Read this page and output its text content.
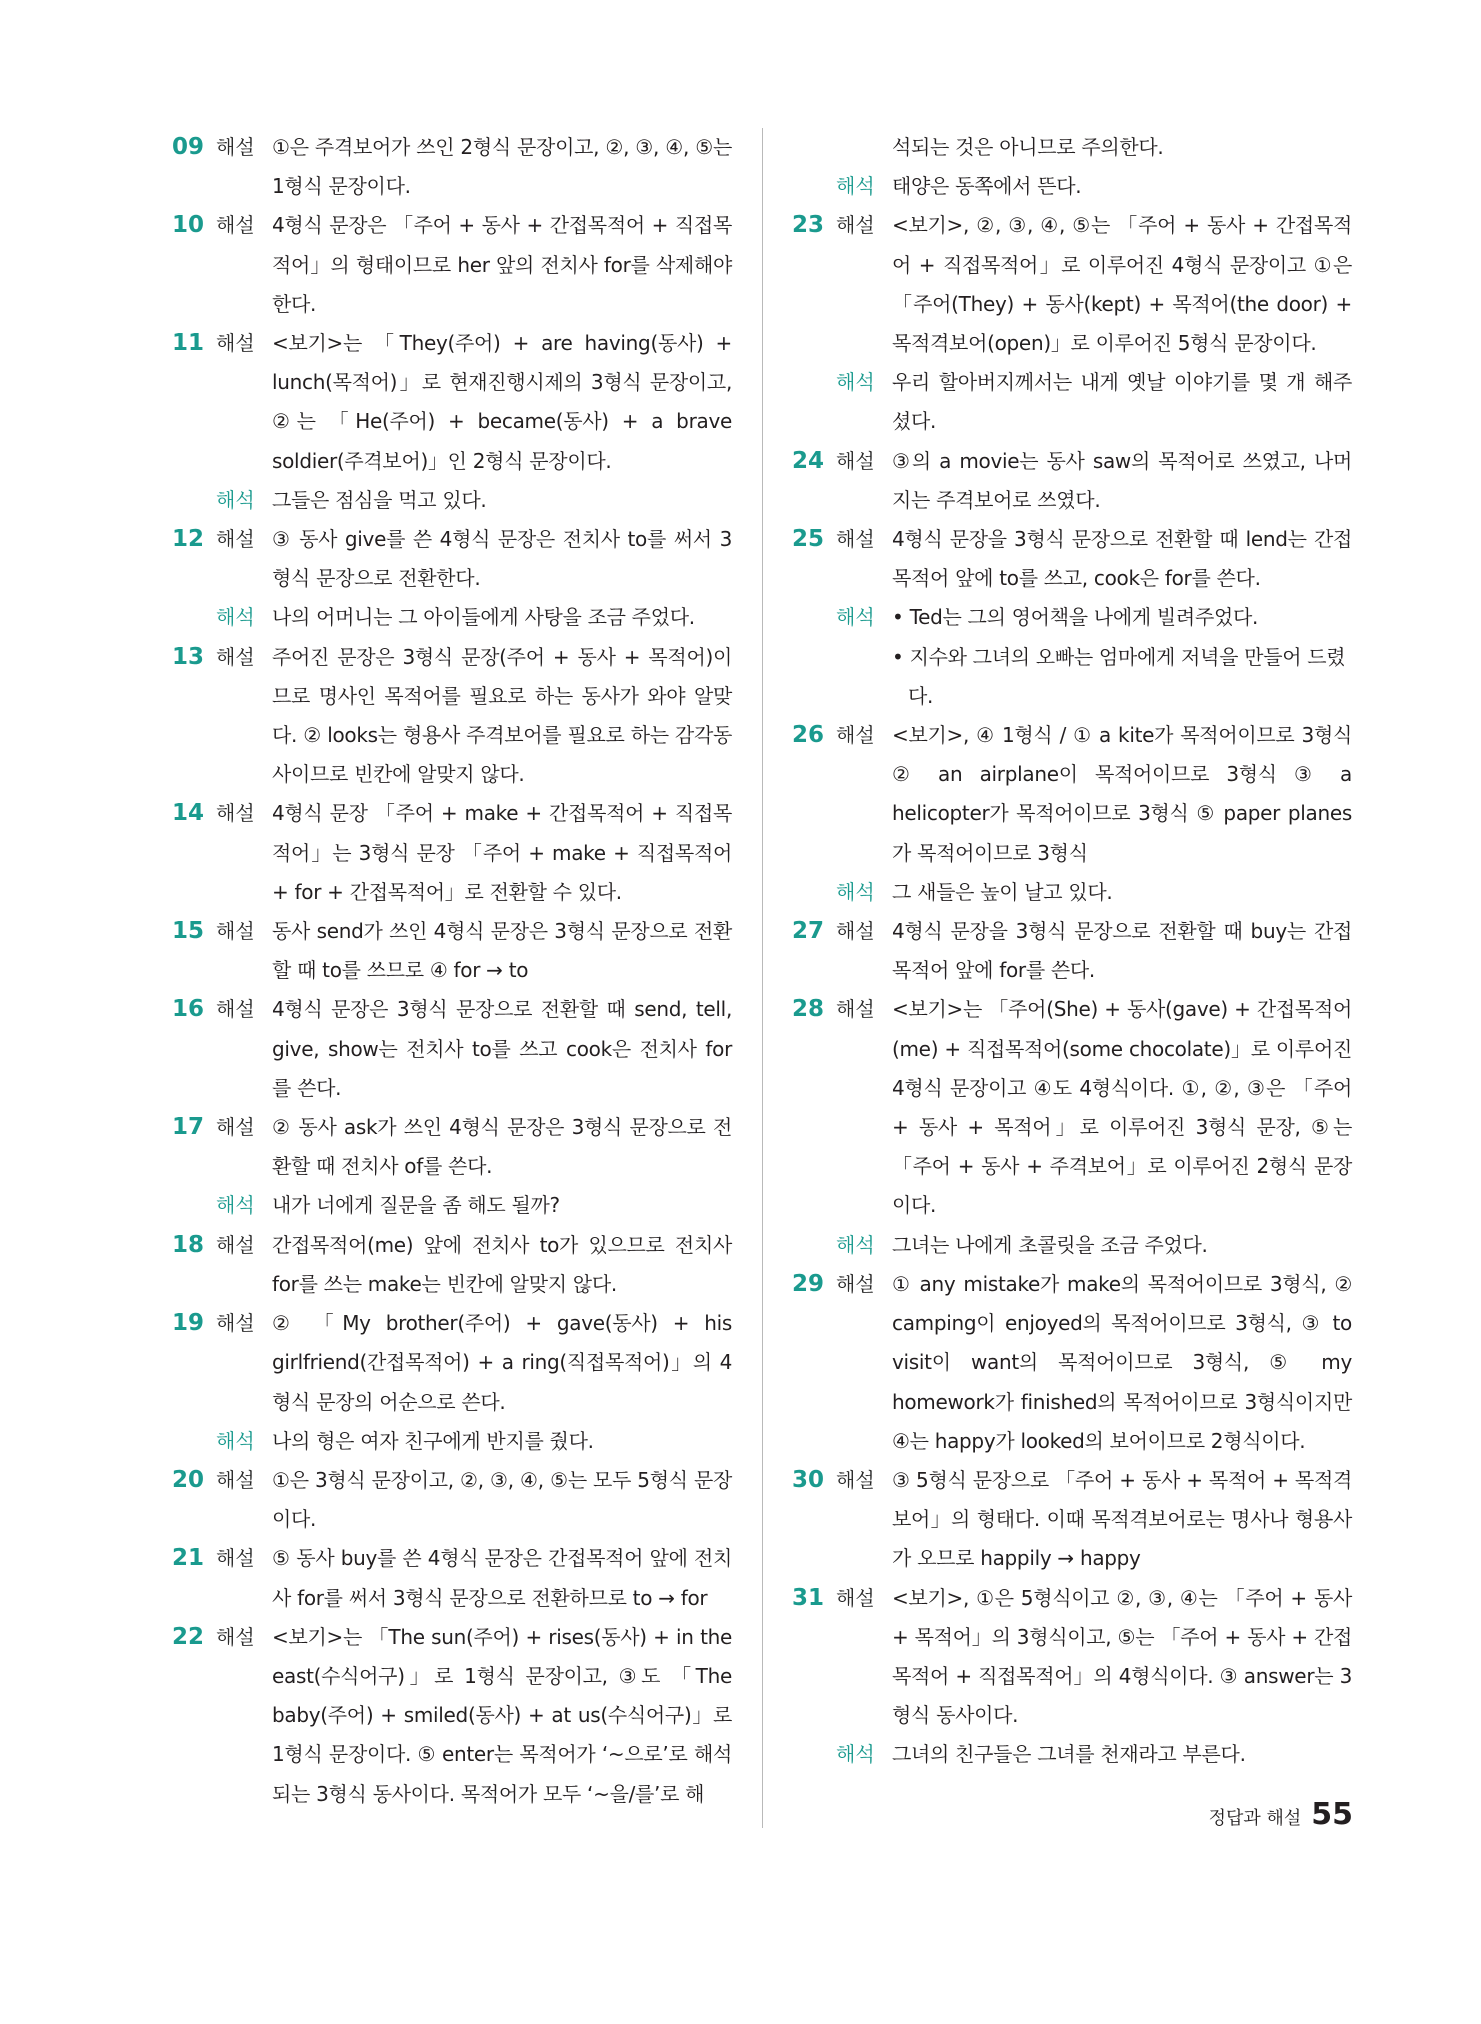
09 해설 ①은 주격보어가 쓰인 2형식 문장이고, ②, ③, ④, ⑤는 1형식 문장이다.
10 해설 4형식 문장은 「주어 + 동사 + 간접목적어 + 직접목적어」의 형태이므로 her 앞의 전치사 for를 삭제해야 한다.
11 해설 <보기>는 「They(주어) + are having(동사) + lunch(목적어)」로 현재진행시제의 3형식 문장이고, ②는 「He(주어) + became(동사) + a brave soldier(주격보어)」인 2형식 문장이다.
해석 그들은 점심을 먹고 있다.
12 해설 ③ 동사 give를 쓴 4형식 문장은 전치사 to를 써서 3형식 문장으로 전환한다.
해석 나의 어머니는 그 아이들에게 사탕을 조금 주었다.
13 해설 주어진 문장은 3형식 문장(주어 + 동사 + 목적어)이므로 명사인 목적어를 필요로 하는 동사가 와야 알맞다. ② looks는 형용사 주격보어를 필요로 하는 감각동사이므로 빈칸에 알맞지 않다.
14 해설 4형식 문장 「주어 + make + 간접목적어 + 직접목적어」는 3형식 문장 「주어 + make + 직접목적어 + for + 간접목적어」로 전환할 수 있다.
15 해설 동사 send가 쓰인 4형식 문장은 3형식 문장으로 전환할 때 to를 쓰므로 ④ for → to
16 해설 4형식 문장은 3형식 문장으로 전환할 때 send, tell, give, show는 전치사 to를 쓰고 cook은 전치사 for를 쓴다.
17 해설 ② 동사 ask가 쓰인 4형식 문장은 3형식 문장으로 전환할 때 전치사 of를 쓴다.
해석 내가 너에게 질문을 좀 해도 될까?
18 해설 간접목적어(me) 앞에 전치사 to가 있으므로 전치사 for를 쓰는 make는 빈칸에 알맞지 않다.
19 해설 ② 「My brother(주어) + gave(동사) + his girlfriend(간접목적어) + a ring(직접목적어)」의 4형식 문장의 어순으로 쓴다.
해석 나의 형은 여자 친구에게 반지를 줬다.
20 해설 ①은 3형식 문장이고, ②, ③, ④, ⑤는 모두 5형식 문장이다.
21 해설 ⑤ 동사 buy를 쓴 4형식 문장은 간접목적어 앞에 전치사 for를 써서 3형식 문장으로 전환하므로 to → for
22 해설 <보기>는 「The sun(주어) + rises(동사) + in the east(수식어구)」로 1형식 문장이고, ③도 「The baby(주어) + smiled(동사) + at us(수식어구)」로 1형식 문장이다. ⑤ enter는 목적어가 ‘~으로’로 해석되는 3형식 동사이다. 목적어가 모두 ‘~을/를’로 해
석되는 것은 아니므로 주의한다.
해석 태양은 동쪽에서 뜬다.
23 해설 <보기>, ②, ③, ④, ⑤는 「주어 + 동사 + 간접목적어 + 직접목적어」로 이루어진 4형식 문장이고 ①은 「주어(They) + 동사(kept) + 목적어(the door) + 목적격보어(open)」로 이루어진 5형식 문장이다.
해석 우리 할아버지께서는 내게 옛날 이야기를 몇 개 해주셨다.
24 해설 ③의 a movie는 동사 saw의 목적어로 쓰였고, 나머지는 주격보어로 쓰였다.
25 해설 4형식 문장을 3형식 문장으로 전환할 때 lend는 간접목적어 앞에 to를 쓰고, cook은 for를 쓴다.
해석 • Ted는 그의 영어책을 나에게 빌려주었다.
• 지수와 그녀의 오빠는 엄마에게 저녁을 만들어 드렸다.
26 해설 <보기>, ④ 1형식 / ① a kite가 목적어이므로 3형식 ② an airplane이 목적어이므로 3형식 ③ a helicopter가 목적어이므로 3형식 ⑤ paper planes가 목적어이므로 3형식
해석 그 새들은 높이 날고 있다.
27 해설 4형식 문장을 3형식 문장으로 전환할 때 buy는 간접목적어 앞에 for를 쓴다.
28 해설 <보기>는 「주어(She) + 동사(gave) + 간접목적어(me) + 직접목적어(some chocolate)」로 이루어진 4형식 문장이고 ④도 4형식이다. ①, ②, ③은 「주어 + 동사 + 목적어」로 이루어진 3형식 문장, ⑤는 「주어 + 동사 + 주격보어」로 이루어진 2형식 문장이다.
해석 그녀는 나에게 초콜릿을 조금 주었다.
29 해설 ① any mistake가 make의 목적어이므로 3형식, ② camping이 enjoyed의 목적어이므로 3형식, ③ to visit이 want의 목적어이므로 3형식, ⑤ my homework가 finished의 목적어이므로 3형식이지만 ④는 happy가 looked의 보어이므로 2형식이다.
30 해설 ③ 5형식 문장으로 「주어 + 동사 + 목적어 + 목적격보어」의 형태다. 이때 목적격보어로는 명사나 형용사가 오므로 happily → happy
31 해설 <보기>, ①은 5형식이고 ②, ③, ④는 「주어 + 동사 + 목적어」의 3형식이고, ⑤는 「주어 + 동사 + 간접목적어 + 직접목적어」의 4형식이다. ③ answer는 3형식 동사이다.
해석 그녀의 친구들은 그녀를 천재라고 부른다.
정답과 해설 55
